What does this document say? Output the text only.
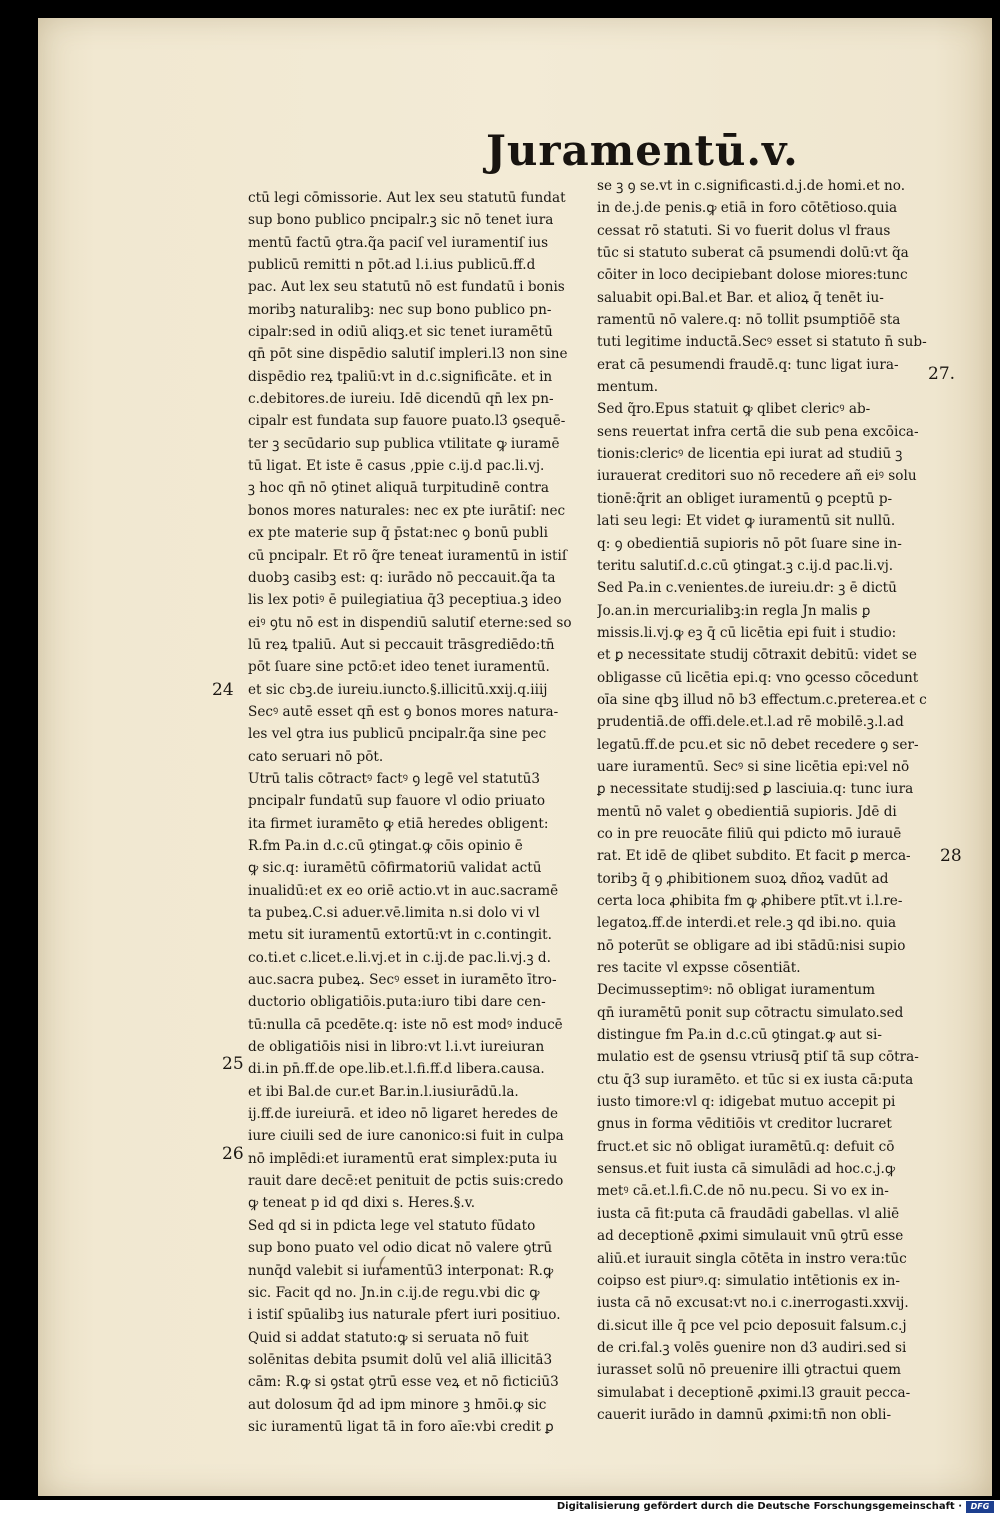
Juramentū.v.
ctū legi cōmissorie. Aut lex seu statutū fundat
sup bono publico pncipalr.ꝫ sic nō tenet iura
mentū factū ꝯtra.q̃a paciſ vel iuramentiſ ius
publicū remitti n pōt.ad l.i.ius publicū.ff.d
pac. Aut lex seu statutū nō est fundatū i bonis
moribꝫ naturalibꝫ: nec sup bono publico pn-
cipalr:sed in odiū aliqꝫ.et sic tenet iuramētū
qn̄ pōt sine dispēdio salutiſ impleri.l3 non sine
dispēdio reꝝ tpaliū:vt in d.c.significāte. et in
c.debitores.de iureiu. Idē dicendū qn̄ lex pn-
cipalr est fundata sup fauore puato.l3 ꝯsequē-
ter ꝫ secūdario sup publica vtilitate ꝙ iuramē
tū ligat. Et iste ē casus ,ppie c.ij.d pac.li.vj.
ꝫ hoc qn̄ nō ꝯtinet aliquā turpitudinē contra
bonos mores naturales: nec ex pte iurātiſ: nec
ex pte materie sup q̄ p̄stat:nec ꝯ bonū publi
cū pncipalr. Et rō q̃re teneat iuramentū in istiſ
duobꝫ casibꝫ est: q: iurādo nō peccauit.q̃a ta
lis lex potiꝰ ē puilegiatiua q̄3 peceptiua.ꝫ ideo
eiꝰ ꝯtu nō est in dispendiū salutiſ eterne:sed so
lū reꝝ tpaliū. Aut si peccauit trāsgrediēdo:tn̄
pōt ſuare sine pctō:et ideo tenet iuramentū.
et sic cbꝫ.de iureiu.iuncto.§.illicitū.xxij.q.iiij
Secꝰ autē esset qn̄ est ꝯ bonos mores natura-
les vel ꝯtra ius publicū pncipalr.q̃a sine pec
cato seruari nō pōt.
Utrū talis cōtractꝰ factꝰ ꝯ legē vel statutū3
pncipalr fundatū sup fauore vl odio priuato
ita firmet iuramēto ꝙ etiā heredes obligent:
R.fm Pa.in d.c.cū ꝯtingat.ꝙ cōis opinio ē
ꝙ sic.q: iuramētū cōfirmatoriū validat actū
inualidū:et ex eo oriē actio.vt in auc.sacramē
ta pubeꝝ.C.si aduer.vē.limita n.si dolo vi vl
metu sit iuramentū extortū:vt in c.contingit.
co.ti.et c.licet.e.li.vj.et in c.ij.de pac.li.vj.ꝫ d.
auc.sacra pubeꝝ. Secꝰ esset in iuramēto ītro-
ductorio obligatiōis.puta:iuro tibi dare cen-
tū:nulla cā pcedēte.q: iste nō est modꝰ inducē
de obligatiōis nisi in libro:vt l.i.vt iureiuran
di.in pn̄.ff.de ope.lib.et.l.fi.ff.d libera.causa.
et ibi Bal.de cur.et Bar.in.l.iusiurādū.la.
ij.ff.de iureiurā. et ideo nō ligaret heredes de
iure ciuili sed de iure canonico:si fuit in culpa
nō implēdi:et iuramentū erat simplex:puta iu
rauit dare decē:et penituit de pctis suis:credo
ꝙ teneat p id qd dixi s. Heres.§.v.
Sed qd si in pdicta lege vel statuto fūdato
sup bono puato vel odio dicat nō valere ꝯtrū
nunq̄d valebit si iuramentū3 interponat: R.ꝙ
sic. Facit qd no. Jn.in c.ij.de regu.vbi dic ꝙ
i istiſ spūalibꝫ ius naturale pfert iuri positiuo.
Quid si addat statuto:ꝙ si seruata nō fuit
solēnitas debita psumit dolū vel aliā illicitā3
cām: R.ꝙ si ꝯstat ꝯtrū esse veꝝ et nō ficticiū3
aut dolosum q̄d ad ipm minore ꝫ hmōi.ꝙ sic
sic iuramentū ligat tā in foro aīe:vbi credit ꝑ
se ꝫ ꝯ se.vt in c.significasti.d.j.de homi.et no.
in de.j.de penis.ꝙ etiā in foro cōtētioso.quia
cessat rō statuti. Si vo fuerit dolus vl fraus
tūc si statuto suberat cā psumendi dolū:vt q̃a
cōiter in loco decipiebant dolose miores:tunc
saluabit opi.Bal.et Bar. et alioꝝ q̄ tenēt iu-
ramentū nō valere.q: nō tollit psumptiōē sta
tuti legitime inductā.Secꝰ esset si statuto n̄ sub-
erat cā pesumendi fraudē.q: tunc ligat iura-
mentum.
Sed q̃ro.Epus statuit ꝙ qlibet clericꝰ ab-
sens reuertat infra certā die sub pena excōica-
tionis:clericꝰ de licentia epi iurat ad studiū ꝫ
iurauerat creditori suo nō recedere añ eiꝰ solu
tionē:q̃rit an obliget iuramentū ꝯ pceptū p-
lati seu legi: Et videt ꝙ iuramentū sit nullū.
q: ꝯ obedientiā supioris nō pōt ſuare sine in-
teritu salutiſ.d.c.cū ꝯtingat.ꝫ c.ij.d pac.li.vj.
Sed Pa.in c.venientes.de iureiu.dr: ꝫ ē dictū
Jo.an.in mercurialibꝫ:in regla Jn malis ꝑ
missis.li.vj.ꝙ eꝫ q̄ cū licētia epi fuit i studio:
et ꝑ necessitate studij cōtraxit debitū: videt se
obligasse cū licētia epi.q: vno ꝯcesso cōcedunt
oīa sine qbꝫ illud nō b3 effectum.c.preterea.et c
prudentiā.de offi.dele.et.l.ad rē mobilē.ꝫ.l.ad
legatū.ff.de pcu.et sic nō debet recedere ꝯ ser-
uare iuramentū. Secꝰ si sine licētia epi:vel nō
ꝑ necessitate studij:sed ꝑ lasciuia.q: tunc iura
mentū nō valet ꝯ obedientiā supioris. Jdē di
co in pre reuocāte filiū qui pdicto mō iurauē
rat. Et idē de qlibet subdito. Et facit ꝑ merca-
toribꝫ q̄ ꝯ ꝓhibitionem suoꝝ dñoꝝ vadūt ad
certa loca ꝓhibita fm ꝙ ꝓhibere ptīt.vt i.l.re-
legatoꝝ.ff.de interdi.et rele.ꝫ qd ibi.no. quia
nō poterūt se obligare ad ibi stādū:nisi supio
res tacite vl expsse cōsentiāt.
Decimusseptimꝰ: nō obligat iuramentum
qn̄ iuramētū ponit sup cōtractu simulato.sed
distingue fm Pa.in d.c.cū ꝯtingat.ꝙ aut si-
mulatio est de ꝯsensu vtriusq̄ ptiſ tā sup cōtra-
ctu q̄3 sup iuramēto. et tūc si ex iusta cā:puta
iusto timore:vl q: idigebat mutuo accepit pi
gnus in forma vēditiōis vt creditor lucraret
fruct.et sic nō obligat iuramētū.q: defuit cō
sensus.et fuit iusta cā simulādi ad hoc.c.j.ꝙ
metꝰ cā.et.l.fi.C.de nō nu.pecu. Si vo ex in-
iusta cā fit:puta cā fraudādi gabellas. vl aliē
ad deceptionē ꝓximi simulauit vnū ꝯtrū esse
aliū.et iurauit singla cōtēta in instro vera:tūc
coipso est piurꝰ.q: simulatio intētionis ex in-
iusta cā nō excusat:vt no.i c.inerrogasti.xxvij.
di.sicut ille q̄ pce vel pcio deposuit falsum.c.j
de cri.fal.ꝫ volēs ꝯuenire non d3 audiri.sed si
iurasset solū nō preuenire illi ꝯtractui quem
simulabat i deceptionē ꝓximi.l3 grauit pecca-
cauerit iurādo in damnū ꝓximi:tn̄ non obli-
24
25
26
27.
28
Digitalisierung gefördert durch die Deutsche Forschungsgemeinschaft ·	DFG
